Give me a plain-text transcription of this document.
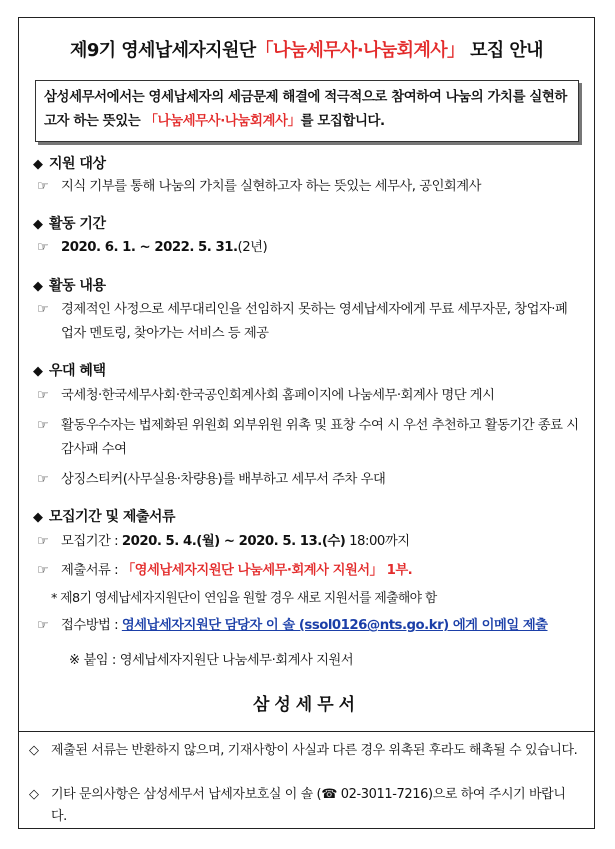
제9기 영세납세자지원단「나눔세무사·나눔회계사」 모집 안내
삼성세무서에서는 영세납세자의 세금문제 해결에 적극적으로 참여하여 나눔의 가치를 실현하고자 하는 뜻있는 「나눔세무사·나눔회계사」를 모집합니다.
◆ 지원 대상
☞ 지식 기부를 통해 나눔의 가치를 실현하고자 하는 뜻있는 세무사, 공인회계사
◆ 활동 기간
☞ 2020. 6. 1. ~ 2022. 5. 31.(2년)
◆ 활동 내용
☞ 경제적인 사정으로 세무대리인을 선임하지 못하는 영세납세자에게 무료 세무자문, 창업자·폐업자 멘토링, 찾아가는 서비스 등 제공
◆ 우대 혜택
☞ 국세청·한국세무사회·한국공인회계사회 홈페이지에 나눔세무·회계사 명단 게시
☞ 활동우수자는 법제화된 위원회 외부위원 위촉 및 표창 수여 시 우선 추천하고 활동기간 종료 시 감사패 수여
☞ 상징스티커(사무실용·차량용)를 배부하고 세무서 주차 우대
◆ 모집기간 및 제출서류
☞ 모집기간 : 2020. 5. 4.(월) ~ 2020. 5. 13.(수) 18:00까지
☞ 제출서류 : 「영세납세자지원단 나눔세무·회계사 지원서」 1부.
* 제8기 영세납세자지원단이 연임을 원할 경우 새로 지원서를 제출해야 함
☞ 접수방법 : 영세납세자지원단 담당자 이 솔 (ssol0126@nts.go.kr) 에게 이메일 제출
※ 붙임 : 영세납세자지원단 나눔세무·회계사 지원서
삼성세무서
◇ 제출된 서류는 반환하지 않으며, 기재사항이 사실과 다른 경우 위촉된 후라도 해촉될 수 있습니다.
◇ 기타 문의사항은 삼성세무서 납세자보호실 이 솔 (☎ 02-3011-7216)으로 하여 주시기 바랍니다.
